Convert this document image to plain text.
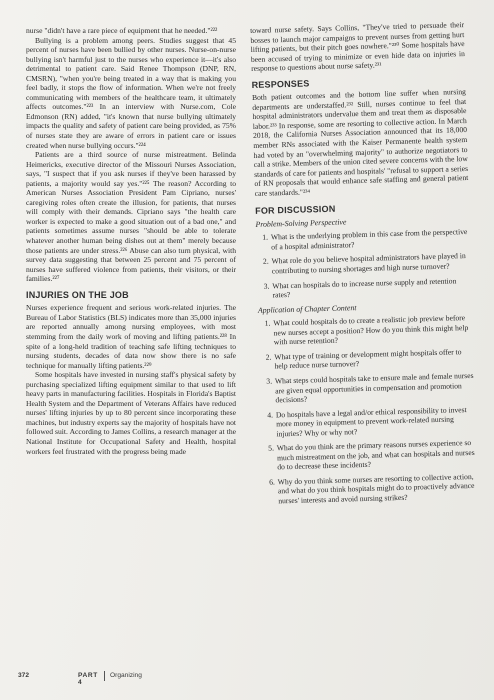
nurse "didn't have a rare piece of equipment that he needed."²²²

Bullying is a problem among peers. Studies suggest that 45 percent of nurses have been bullied by other nurses. Nurse-on-nurse bullying isn't harmful just to the nurses who experience it—it's also detrimental to patient care. Said Renee Thompson (DNP, RN, CMSRN), "when you're being treated in a way that is making you feel badly, it stops the flow of information. When we're not freely communicating with members of the healthcare team, it ultimately affects outcomes."²²³ In an interview with Nurse.com, Cole Edmonson (RN) added, "it's known that nurse bullying ultimately impacts the quality and safety of patient care being provided, as 75% of nurses state they are aware of errors in patient care or issues created when nurse bullying occurs."²²⁴

Patients are a third source of nurse mistreatment. Belinda Heimericks, executive director of the Missouri Nurses Association, says, "I suspect that if you ask nurses if they've been harassed by patients, a majority would say yes."²²⁵ The reason? According to American Nurses Association President Pam Cipriano, nurses' caregiving roles often create the illusion, for patients, that nurses will comply with their demands. Cipriano says "the health care worker is expected to make a good situation out of a bad one," and patients sometimes assume nurses "should be able to tolerate whatever another human being dishes out at them" merely because those patients are under stress.²²⁶ Abuse can also turn physical, with survey data suggesting that between 25 percent and 75 percent of nurses have suffered violence from patients, their visitors, or their families.²²⁷

INJURIES ON THE JOB

Nurses experience frequent and serious work-related injuries. The Bureau of Labor Statistics (BLS) indicates more than 35,000 injuries are reported annually among nursing employees, with most stemming from the daily work of moving and lifting patients.²²⁸ In spite of a long-held tradition of teaching safe lifting techniques to nursing students, decades of data now show there is no safe technique for manually lifting patients.²²⁹

Some hospitals have invested in nursing staff's physical safety by purchasing specialized lifting equipment similar to that used to lift heavy parts in manufacturing facilities. Hospitals in Florida's Baptist Health System and the Department of Veterans Affairs have reduced nurses' lifting injuries by up to 80 percent since incorporating these machines, but industry experts say the majority of hospitals have not followed suit. According to James Collins, a research manager at the National Institute for Occupational Safety and Health, hospital workers feel frustrated with the progress being made

toward nurse safety. Says Collins, "They've tried to persuade their bosses to launch major campaigns to prevent nurses from getting hurt lifting patients, but their pitch goes nowhere."²³⁰ Some hospitals have been accused of trying to minimize or even hide data on injuries in response to questions about nurse safety.²³¹

RESPONSES

Both patient outcomes and the bottom line suffer when nursing departments are understaffed.²³² Still, nurses continue to feel that hospital administrators undervalue them and treat them as disposable labor.²³³ In response, some are resorting to collective action. In March 2018, the California Nurses Association announced that its 18,000 member RNs associated with the Kaiser Permanente health system had voted by an "overwhelming majority" to authorize negotiators to call a strike. Members of the union cited severe concerns with the low standards of care for patients and hospitals' "refusal to support a series of RN proposals that would enhance safe staffing and general patient care standards."²³⁴

FOR DISCUSSION
Problem-Solving Perspective
1. What is the underlying problem in this case from the perspective of a hospital administrator?
2. What role do you believe hospital administrators have played in contributing to nursing shortages and high nurse turnover?
3. What can hospitals do to increase nurse supply and retention rates?
Application of Chapter Content
1. What could hospitals do to create a realistic job preview before new nurses accept a position? How do you think this might help with nurse retention?
2. What type of training or development might hospitals offer to help reduce nurse turnover?
3. What steps could hospitals take to ensure male and female nurses are given equal opportunities in compensation and promotion decisions?
4. Do hospitals have a legal and/or ethical responsibility to invest more money in equipment to prevent work-related nursing injuries? Why or why not?
5. What do you think are the primary reasons nurses experience so much mistreatment on the job, and what can hospitals and nurses do to decrease these incidents?
6. Why do you think some nurses are resorting to collective action, and what do you think hospitals might do to proactively advance nurses' interests and avoid nursing strikes?
372	PART 4
Organizing
